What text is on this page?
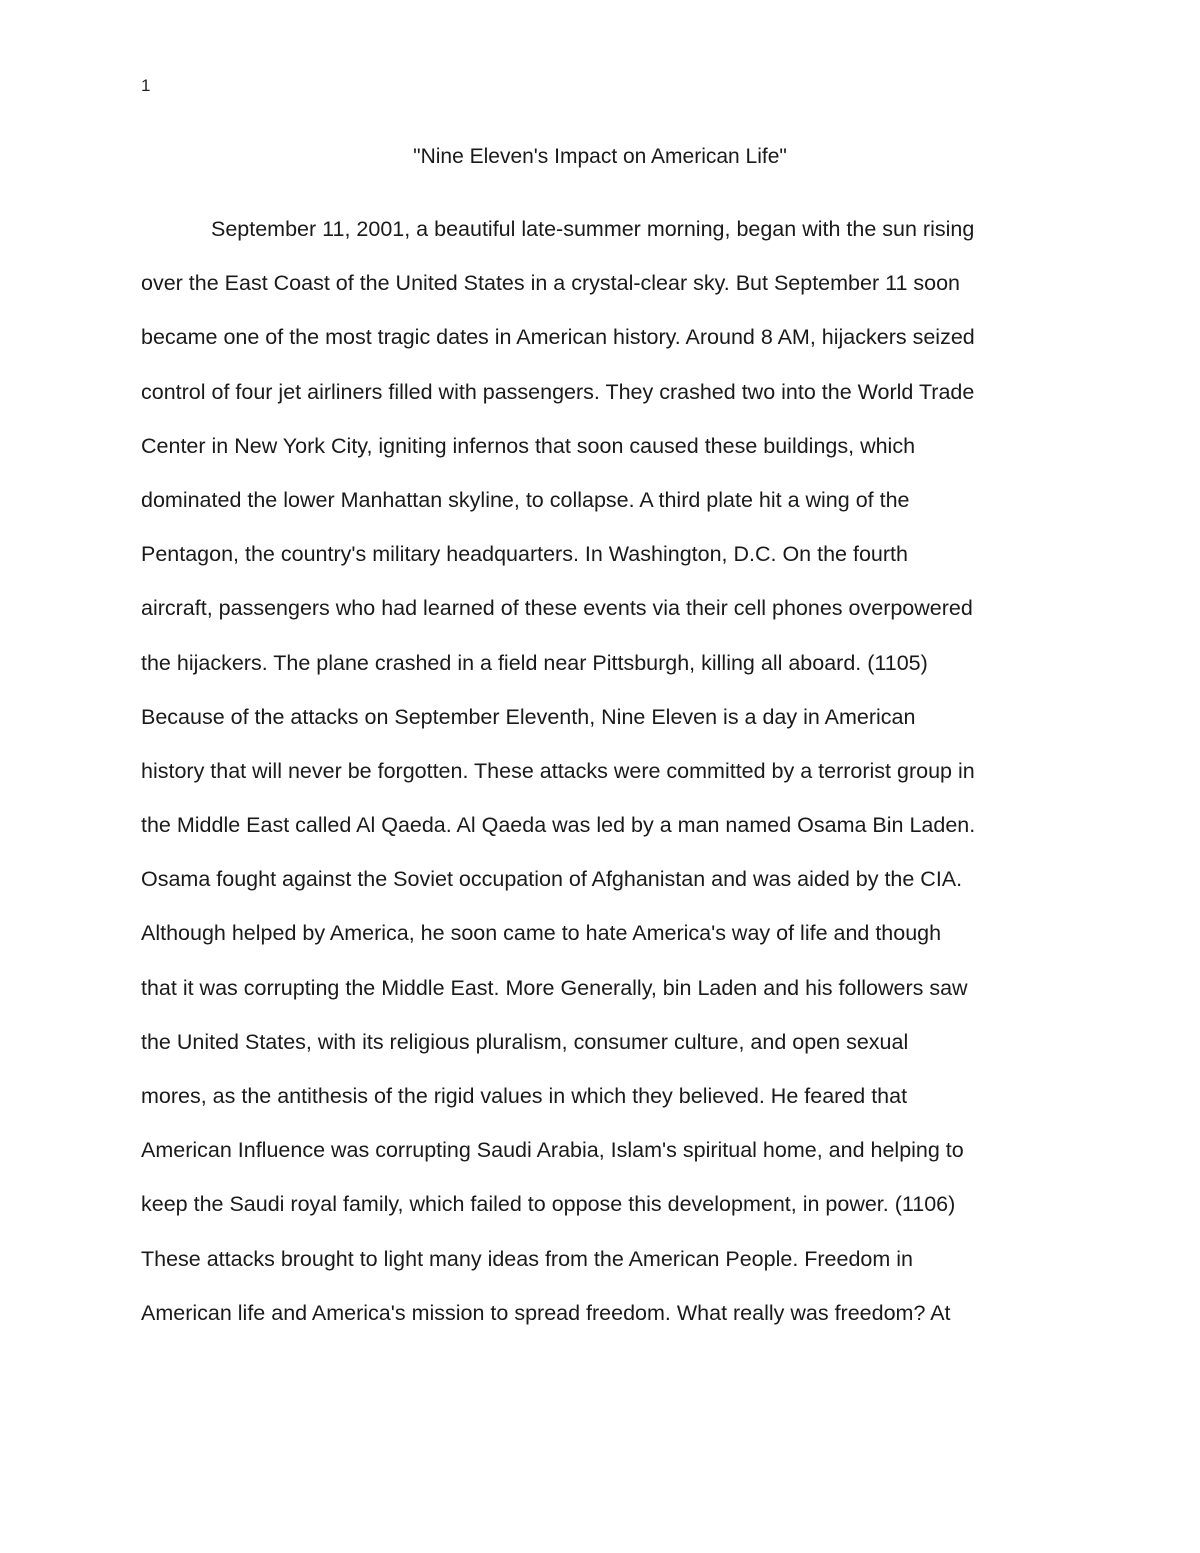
1
"Nine Eleven's Impact on American Life"
September 11, 2001, a beautiful late-summer morning, began with the sun rising
over the East Coast of the United States in a crystal-clear sky. But September 11 soon
became one of the most tragic dates in American history. Around 8 AM, hijackers seized
control of four jet airliners filled with passengers. They crashed two into the World Trade
Center in New York City, igniting infernos that soon caused these buildings, which
dominated the lower Manhattan skyline, to collapse. A third plate hit a wing of the
Pentagon, the country's military headquarters. In Washington, D.C. On the fourth
aircraft, passengers who had learned of these events via their cell phones overpowered
the hijackers. The plane crashed in a field near Pittsburgh, killing all aboard. (1105)
Because of the attacks on September Eleventh, Nine Eleven is a day in American
history that will never be forgotten. These attacks were committed by a terrorist group in
the Middle East called Al Qaeda. Al Qaeda was led by a man named Osama Bin Laden.
Osama fought against the Soviet occupation of Afghanistan and was aided by the CIA.
Although helped by America, he soon came to hate America's way of life and though
that it was corrupting the Middle East. More Generally, bin Laden and his followers saw
the United States, with its religious pluralism, consumer culture, and open sexual
mores, as the antithesis of the rigid values in which they believed. He feared that
American Influence was corrupting Saudi Arabia, Islam's spiritual home, and helping to
keep the Saudi royal family, which failed to oppose this development, in power. (1106)
These attacks brought to light many ideas from the American People. Freedom in
American life and America's mission to spread freedom. What really was freedom? At
